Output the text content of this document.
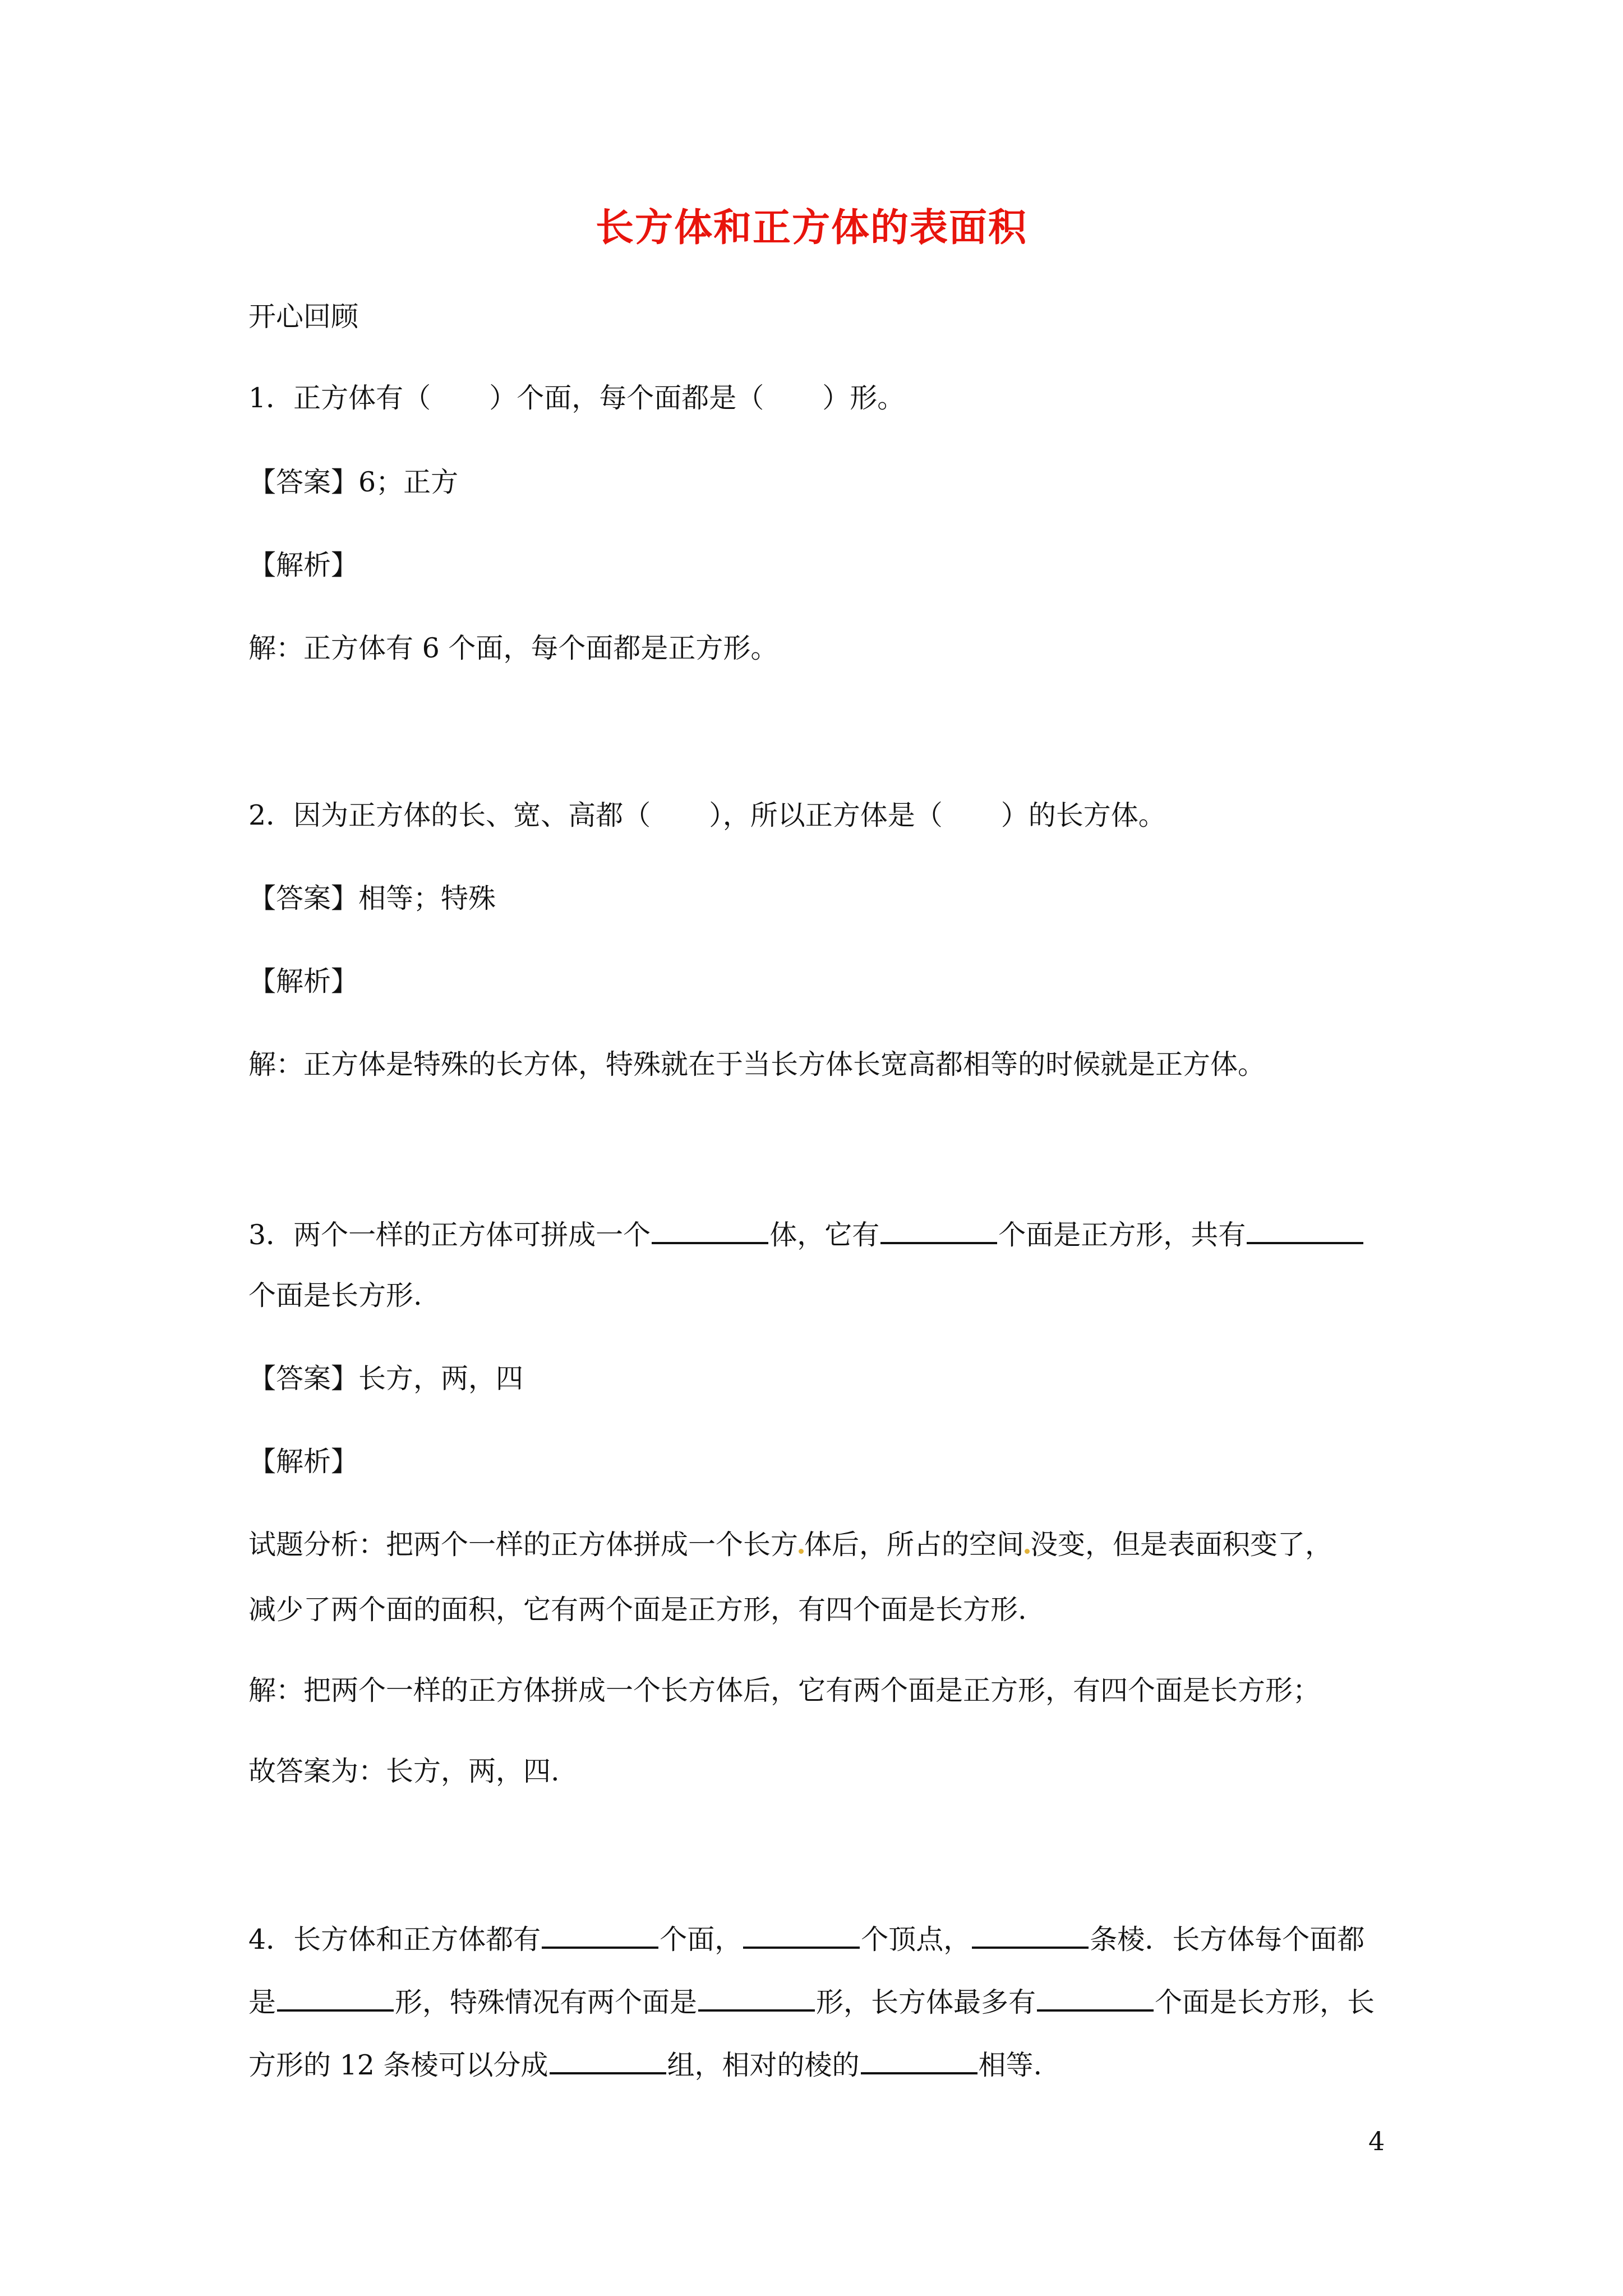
长方体和正方体的表面积
开心回顾
1．正方体有（ ）个面，每个面都是（ ）形。
【答案】6；正方
【解析】
解：正方体有 6 个面，每个面都是正方形。
2．因为正方体的长、宽、高都（ ），所以正方体是（ ）的长方体。
【答案】相等；特殊
【解析】
解：正方体是特殊的长方体，特殊就在于当长方体长宽高都相等的时候就是正方体。
3．两个一样的正方体可拼成一个	体，它有	个面是正方形，共有
个面是长方形.
【答案】长方，两，四
【解析】
试题分析：把两个一样的正方体拼成一个长方 体后，所占的空间 没变，但是表面积变了，
减少了两个面的面积，它有两个面是正方形，有四个面是长方形.
解：把两个一样的正方体拼成一个长方体后，它有两个面是正方形，有四个面是长方形；
故答案为：长方，两，四.
4．长方体和正方体都有	个面，	个顶点，	条棱．长方体每个面都
是	形，特殊情况有两个面是	形，长方体最多有	个面是长方形，长
方形的 12 条棱可以分成	组，相对的棱的	相等.
4
